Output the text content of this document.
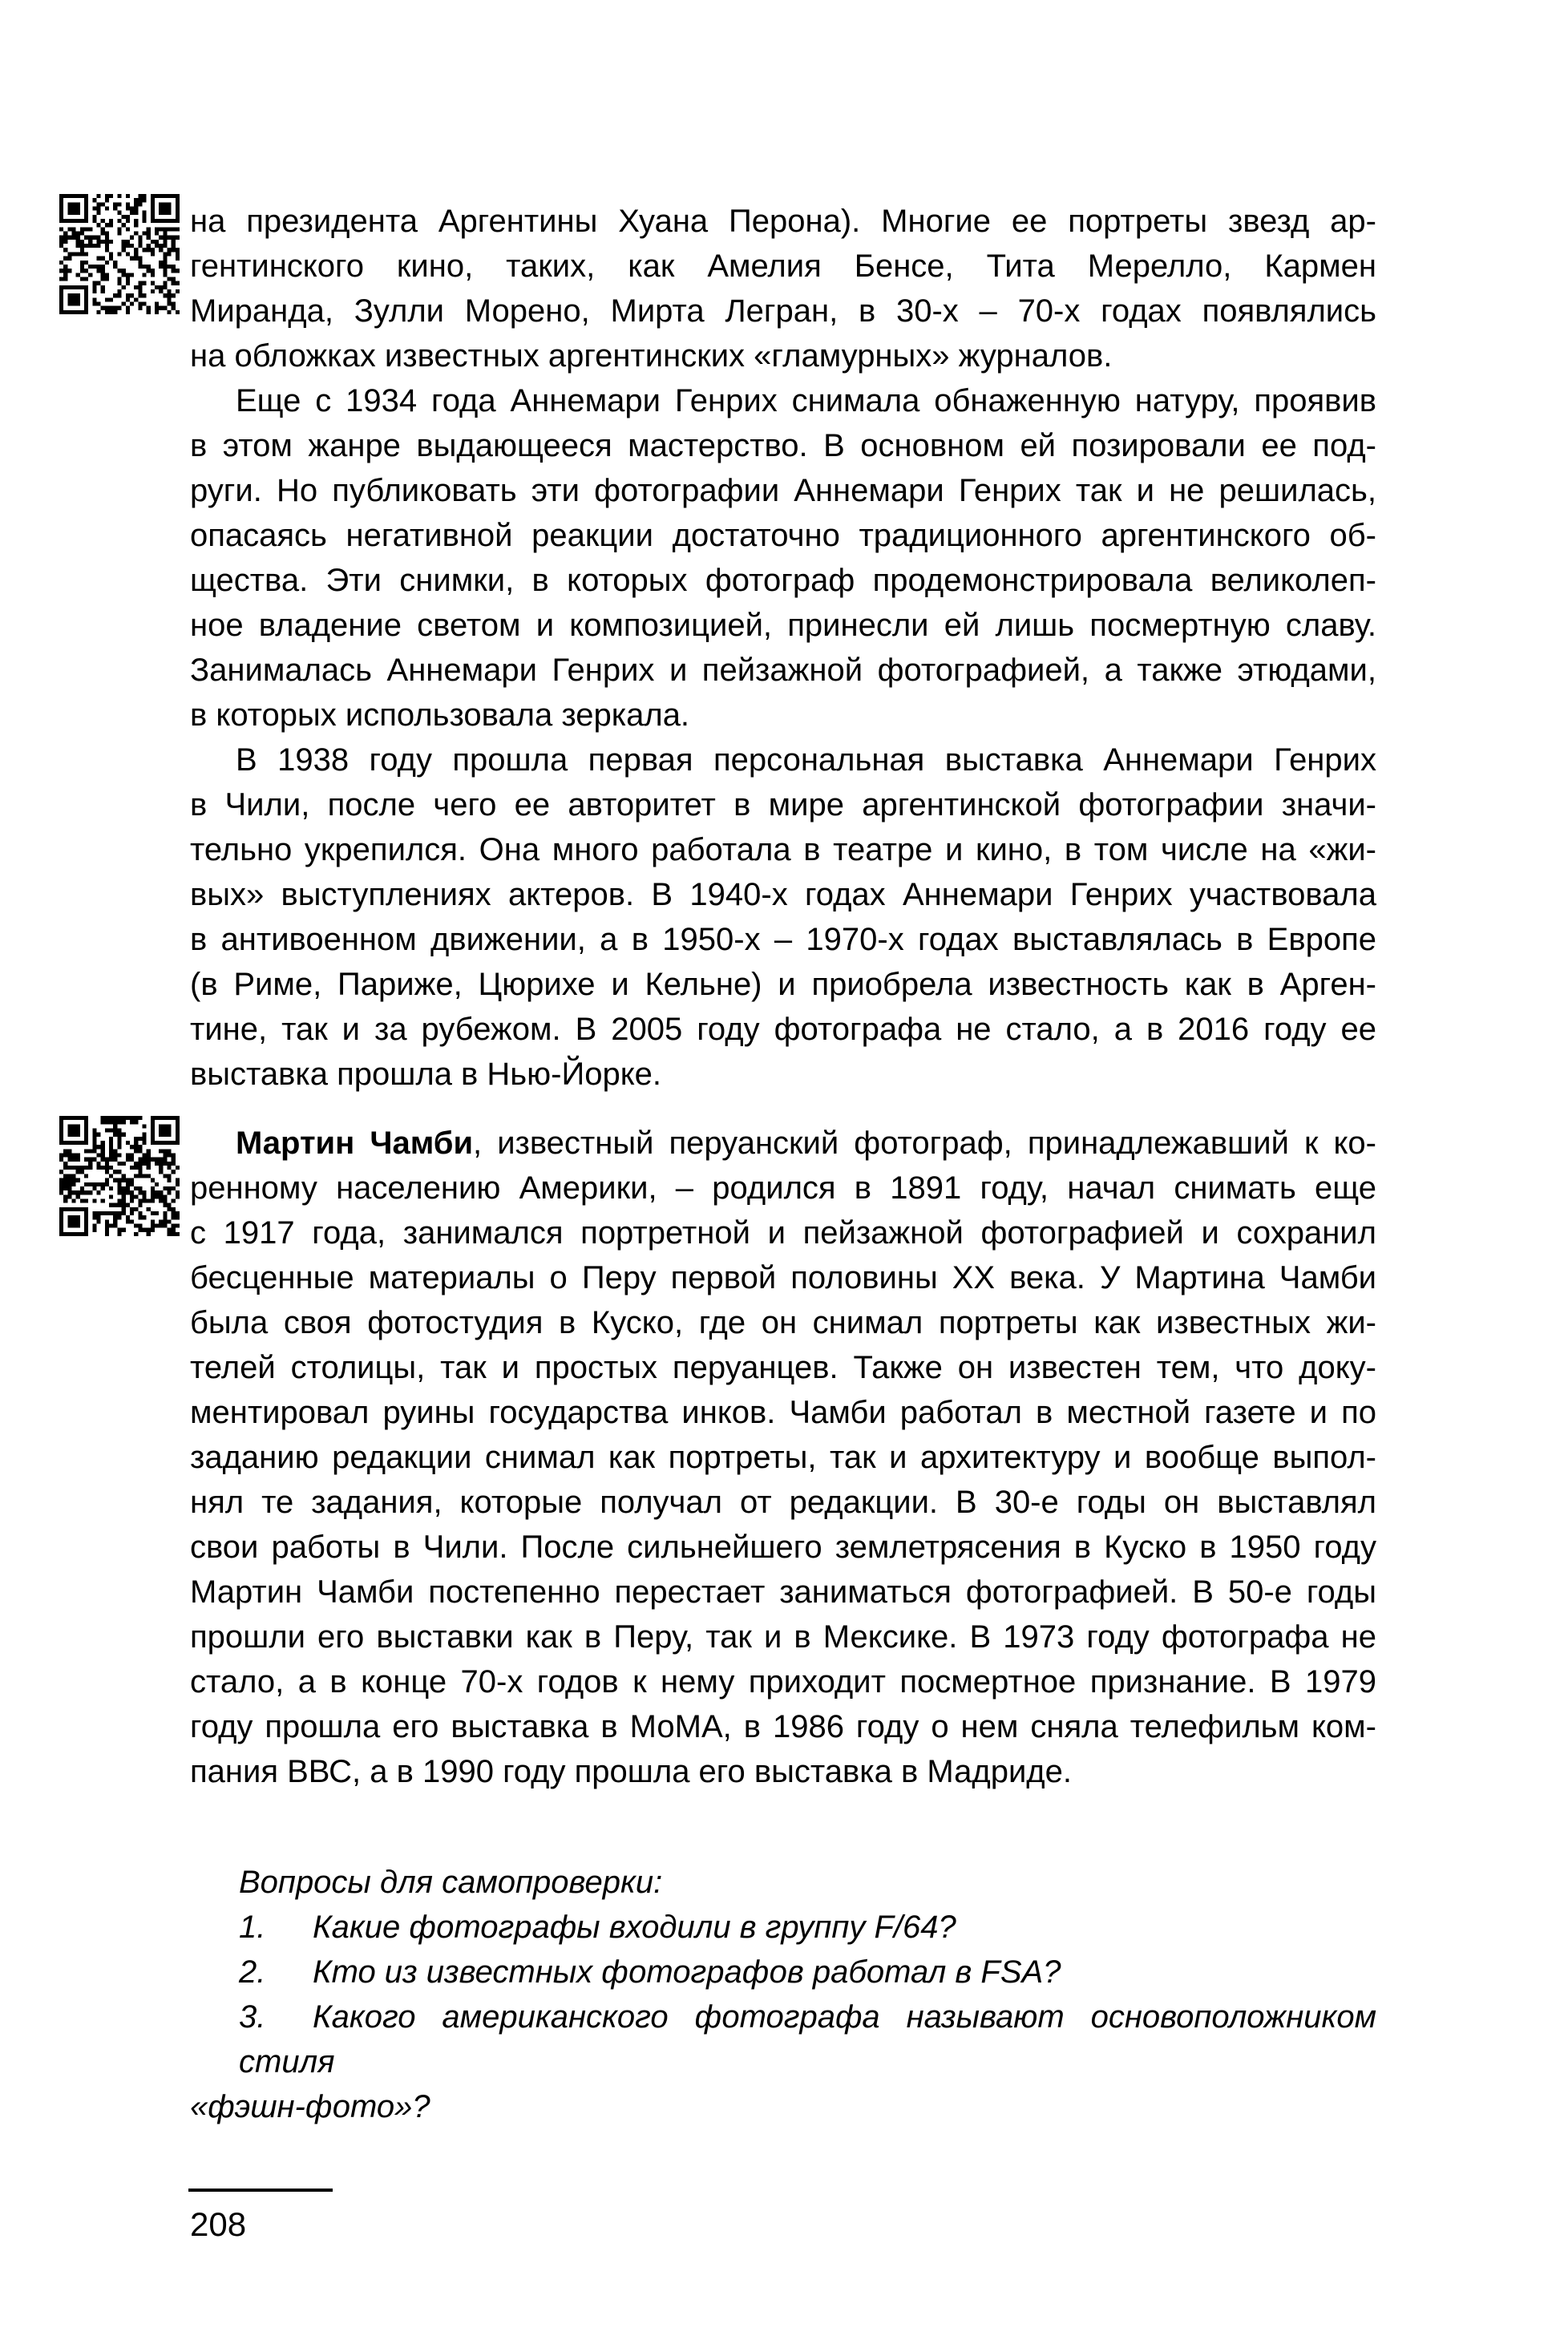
на президента Аргентины Хуана Перона). Многие ее портреты звезд ар-
гентинского кино, таких, как Амелия Бенсе, Тита Мерелло, Кармен
Миранда, Зулли Морено, Мирта Легран, в 30-х – 70-х годах появлялись
на обложках известных аргентинских «гламурных» журналов.
Еще с 1934 года Аннемари Генрих снимала обнаженную натуру, проявив
в этом жанре выдающееся мастерство. В основном ей позировали ее под-
руги. Но публиковать эти фотографии Аннемари Генрих так и не решилась,
опасаясь негативной реакции достаточно традиционного аргентинского об-
щества. Эти снимки, в которых фотограф продемонстрировала великолеп-
ное владение светом и композицией, принесли ей лишь посмертную славу.
Занималась Аннемари Генрих и пейзажной фотографией, а также этюдами,
в которых использовала зеркала.
В 1938 году прошла первая персональная выставка Аннемари Генрих
в Чили, после чего ее авторитет в мире аргентинской фотографии значи-
тельно укрепился. Она много работала в театре и кино, в том числе на «жи-
вых» выступлениях актеров. В 1940-х годах Аннемари Генрих участвовала
в антивоенном движении, а в 1950-х – 1970-х годах выставлялась в Европе
(в Риме, Париже, Цюрихе и Кельне) и приобрела известность как в Арген-
тине, так и за рубежом. В 2005 году фотографа не стало, а в 2016 году ее
выставка прошла в Нью-Йорке.
Мартин Чамби, известный перуанский фотограф, принадлежавший к ко-
ренному населению Америки, – родился в 1891 году, начал снимать еще
с 1917 года, занимался портретной и пейзажной фотографией и сохранил
бесценные материалы о Перу первой половины XX века. У Мартина Чамби
была своя фотостудия в Куско, где он снимал портреты как известных жи-
телей столицы, так и простых перуанцев. Также он известен тем, что доку-
ментировал руины государства инков. Чамби работал в местной газете и по
заданию редакции снимал как портреты, так и архитектуру и вообще выпол-
нял те задания, которые получал от редакции. В 30-е годы он выставлял
свои работы в Чили. После сильнейшего землетрясения в Куско в 1950 году
Мартин Чамби постепенно перестает заниматься фотографией. В 50-е годы
прошли его выставки как в Перу, так и в Мексике. В 1973 году фотографа не
стало, а в конце 70-х годов к нему приходит посмертное признание. В 1979
году прошла его выставка в МоМА, в 1986 году о нем сняла телефильм ком-
пания ВВС, а в 1990 году прошла его выставка в Мадриде.
Вопросы для самопроверки:
1. Какие фотографы входили в группу F/64?
2. Кто из известных фотографов работал в FSA?
3. Какого американского фотографа называют основоположником стиля
«фэшн-фото»?
208
